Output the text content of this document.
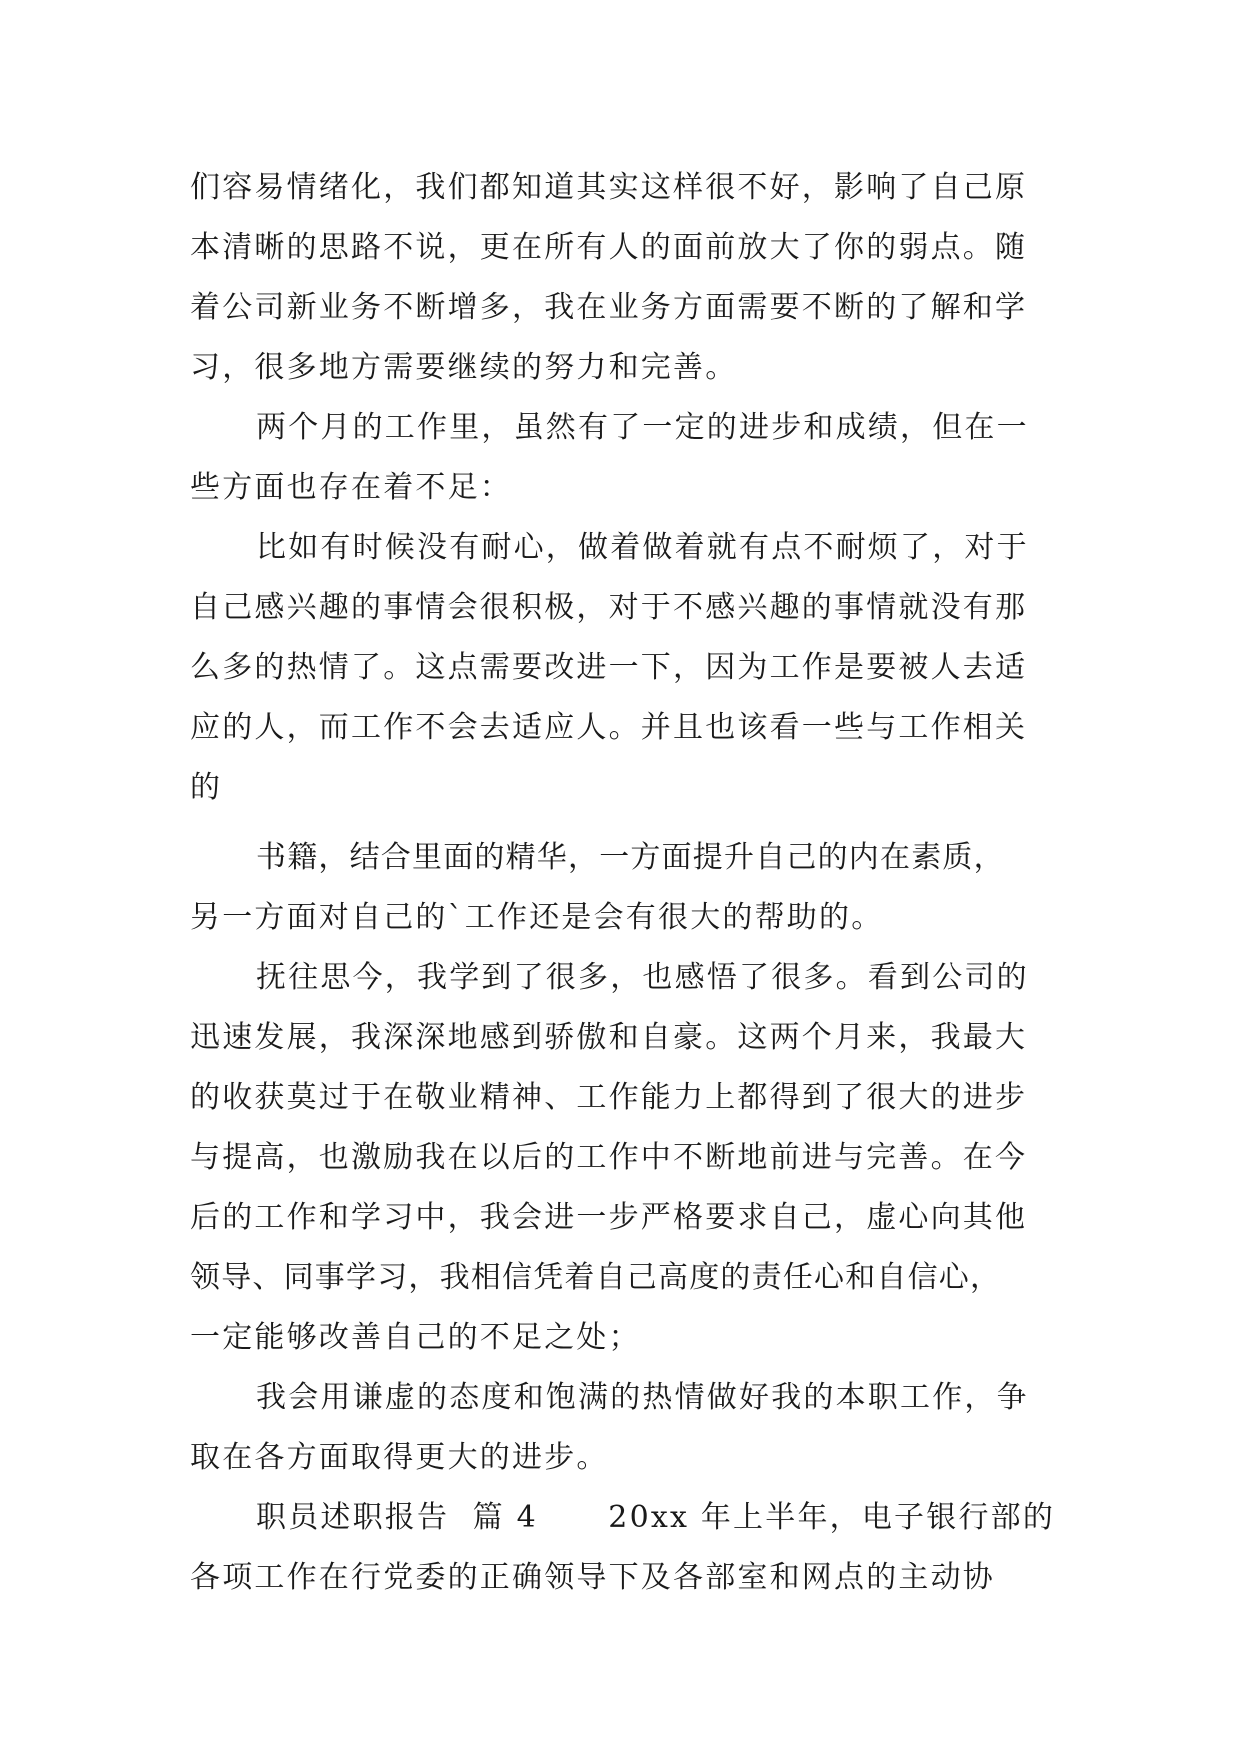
们容易情绪化，我们都知道其实这样很不好，影响了自己原
本清晰的思路不说，更在所有人的面前放大了你的弱点。随
着公司新业务不断增多，我在业务方面需要不断的了解和学
习，很多地方需要继续的努力和完善。
两个月的工作里，虽然有了一定的进步和成绩，但在一
些方面也存在着不足：
比如有时候没有耐心，做着做着就有点不耐烦了，对于
自己感兴趣的事情会很积极，对于不感兴趣的事情就没有那
么多的热情了。这点需要改进一下，因为工作是要被人去适
应的人，而工作不会去适应人。并且也该看一些与工作相关
的
书籍，结合里面的精华，一方面提升自己的内在素质，
另一方面对自己的`工作还是会有很大的帮助的。
抚往思今，我学到了很多，也感悟了很多。看到公司的
迅速发展，我深深地感到骄傲和自豪。这两个月来，我最大
的收获莫过于在敬业精神、工作能力上都得到了很大的进步
与提高，也激励我在以后的工作中不断地前进与完善。在今
后的工作和学习中，我会进一步严格要求自己，虚心向其他
领导、同事学习，我相信凭着自己高度的责任心和自信心，
一定能够改善自己的不足之处；
我会用谦虚的态度和饱满的热情做好我的本职工作，争
取在各方面取得更大的进步。
职员述职报告  篇 4      20xx 年上半年，电子银行部的
各项工作在行党委的正确领导下及各部室和网点的主动协
